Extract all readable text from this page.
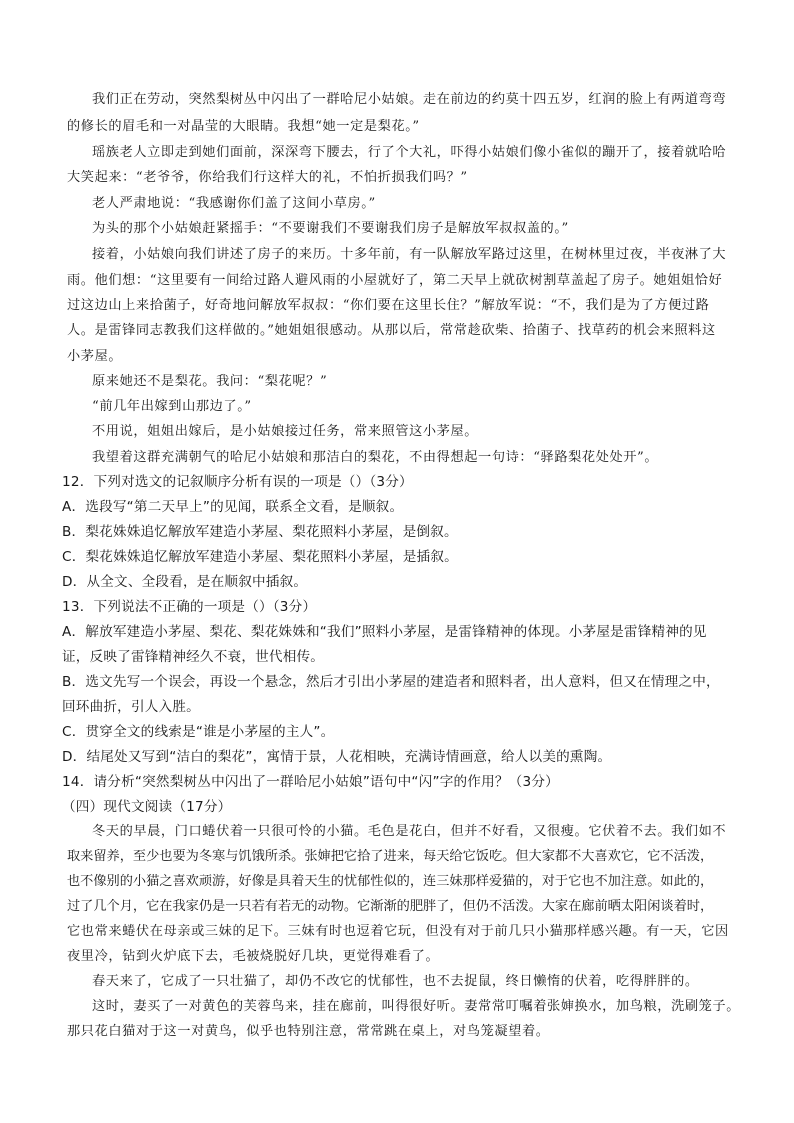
我们正在劳动，突然梨树丛中闪出了一群哈尼小姑娘。走在前边的约莫十四五岁，红润的脸上有两道弯弯

的修长的眉毛和一对晶莹的大眼睛。我想“她一定是梨花。”

瑶族老人立即走到她们面前，深深弯下腰去，行了个大礼，吓得小姑娘们像小雀似的蹦开了，接着就哈哈

大笑起来：“老爷爷，你给我们行这样大的礼，不怕折损我们吗？”

老人严肃地说：“我感谢你们盖了这间小草房。”

为头的那个小姑娘赶紧摇手：“不要谢我们不要谢我们房子是解放军叔叔盖的。”

接着，小姑娘向我们讲述了房子的来历。十多年前，有一队解放军路过这里，在树林里过夜，半夜淋了大

雨。他们想：“这里要有一间给过路人避风雨的小屋就好了，第二天早上就砍树割草盖起了房子。她姐姐恰好

过这边山上来拾菌子，好奇地问解放军叔叔：“你们要在这里长住？”解放军说：“不，我们是为了方便过路

人。是雷锋同志教我们这样做的。”她姐姐很感动。从那以后，常常趁砍柴、拾菌子、找草药的机会来照料这

小茅屋。

原来她还不是梨花。我问：“梨花呢？”

“前几年出嫁到山那边了。”

不用说，姐姐出嫁后，是小姑娘接过任务，常来照管这小茅屋。

我望着这群充满朝气的哈尼小姑娘和那洁白的梨花，不由得想起一句诗：“驿路梨花处处开”。

12．下列对选文的记叙顺序分析有误的一项是（）（3分）

A．选段写“第二天早上”的见闻，联系全文看，是顺叙。

B．梨花姝姝追忆解放军建造小茅屋、梨花照料小茅屋，是倒叙。

C．梨花姝姝追忆解放军建造小茅屋、梨花照料小茅屋，是插叙。

D．从全文、全段看，是在顺叙中插叙。

13．下列说法不正确的一项是（）（3分）

A．解放军建造小茅屋、梨花、梨花姝姝和“我们”照料小茅屋，是雷锋精神的体现。小茅屋是雷锋精神的见

证，反映了雷锋精神经久不衰，世代相传。

B．选文先写一个误会，再设一个悬念，然后才引出小茅屋的建造者和照料者，出人意料，但又在情理之中，

回环曲折，引人入胜。

C．贯穿全文的线索是“谁是小茅屋的主人”。

D．结尾处又写到“洁白的梨花”，寓情于景，人花相映，充满诗情画意，给人以美的熏陶。

14．请分析“突然梨树丛中闪出了一群哈尼小姑娘”语句中“闪”字的作用？（3分）

（四）现代文阅读（17分）

冬天的早晨，门口蜷伏着一只很可怜的小猫。毛色是花白，但并不好看，又很瘦。它伏着不去。我们如不

取来留养，至少也要为冬寒与饥饿所杀。张婶把它拾了进来，每天给它饭吃。但大家都不大喜欢它，它不活泼，

也不像别的小猫之喜欢顽游，好像是具着天生的忧郁性似的，连三妹那样爱猫的，对于它也不加注意。如此的，

过了几个月，它在我家仍是一只若有若无的动物。它渐渐的肥胖了，但仍不活泼。大家在廊前晒太阳闲谈着时，

它也常来蜷伏在母亲或三妹的足下。三妹有时也逗着它玩，但没有对于前几只小猫那样感兴趣。有一天，它因

夜里冷，钻到火炉底下去，毛被烧脱好几块，更觉得难看了。

春天来了，它成了一只壮猫了，却仍不改它的忧郁性，也不去捉鼠，终日懒惰的伏着，吃得胖胖的。

这时，妻买了一对黄色的芙蓉鸟来，挂在廊前，叫得很好听。妻常常叮嘱着张婶换水，加鸟粮，洗刷笼子。

那只花白猫对于这一对黄鸟，似乎也特别注意，常常跳在桌上，对鸟笼凝望着。
